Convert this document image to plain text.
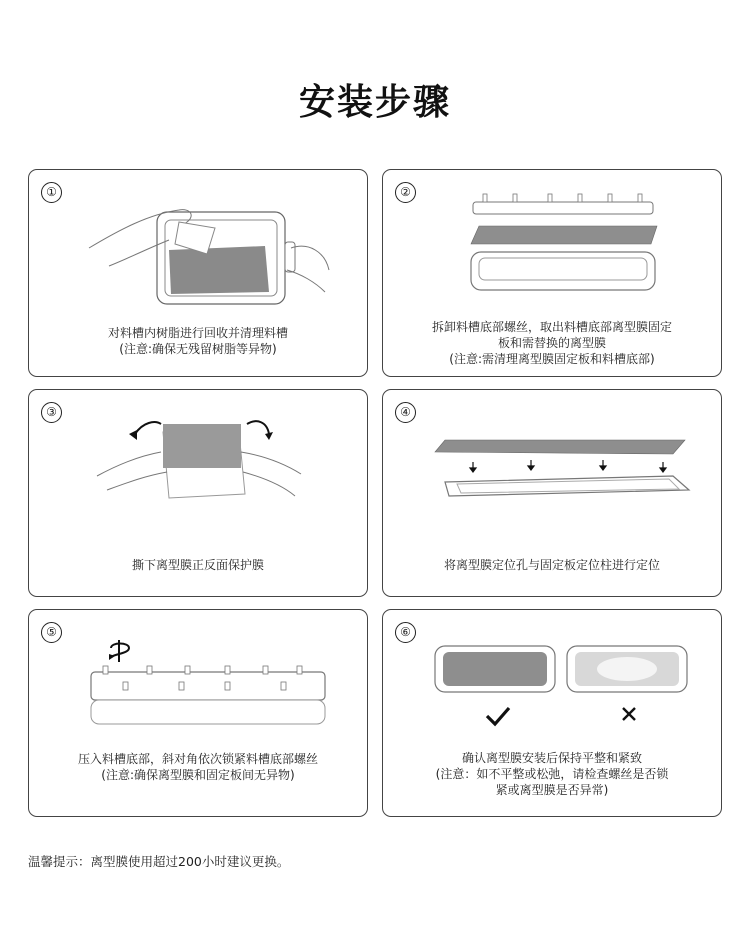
安装步骤
①
对料槽内树脂进行回收并清理料槽
(注意:确保无残留树脂等异物)
②
拆卸料槽底部螺丝，取出料槽底部离型膜固定
板和需替换的离型膜
(注意:需清理离型膜固定板和料槽底部)
③
撕下离型膜正反面保护膜
④
将离型膜定位孔与固定板定位柱进行定位
⑤
压入料槽底部，斜对角依次锁紧料槽底部螺丝
(注意:确保离型膜和固定板间无异物)
⑥
确认离型膜安装后保持平整和紧致
(注意：如不平整或松弛，请检查螺丝是否锁
紧或离型膜是否异常)
温馨提示：离型膜使用超过200小时建议更换。
